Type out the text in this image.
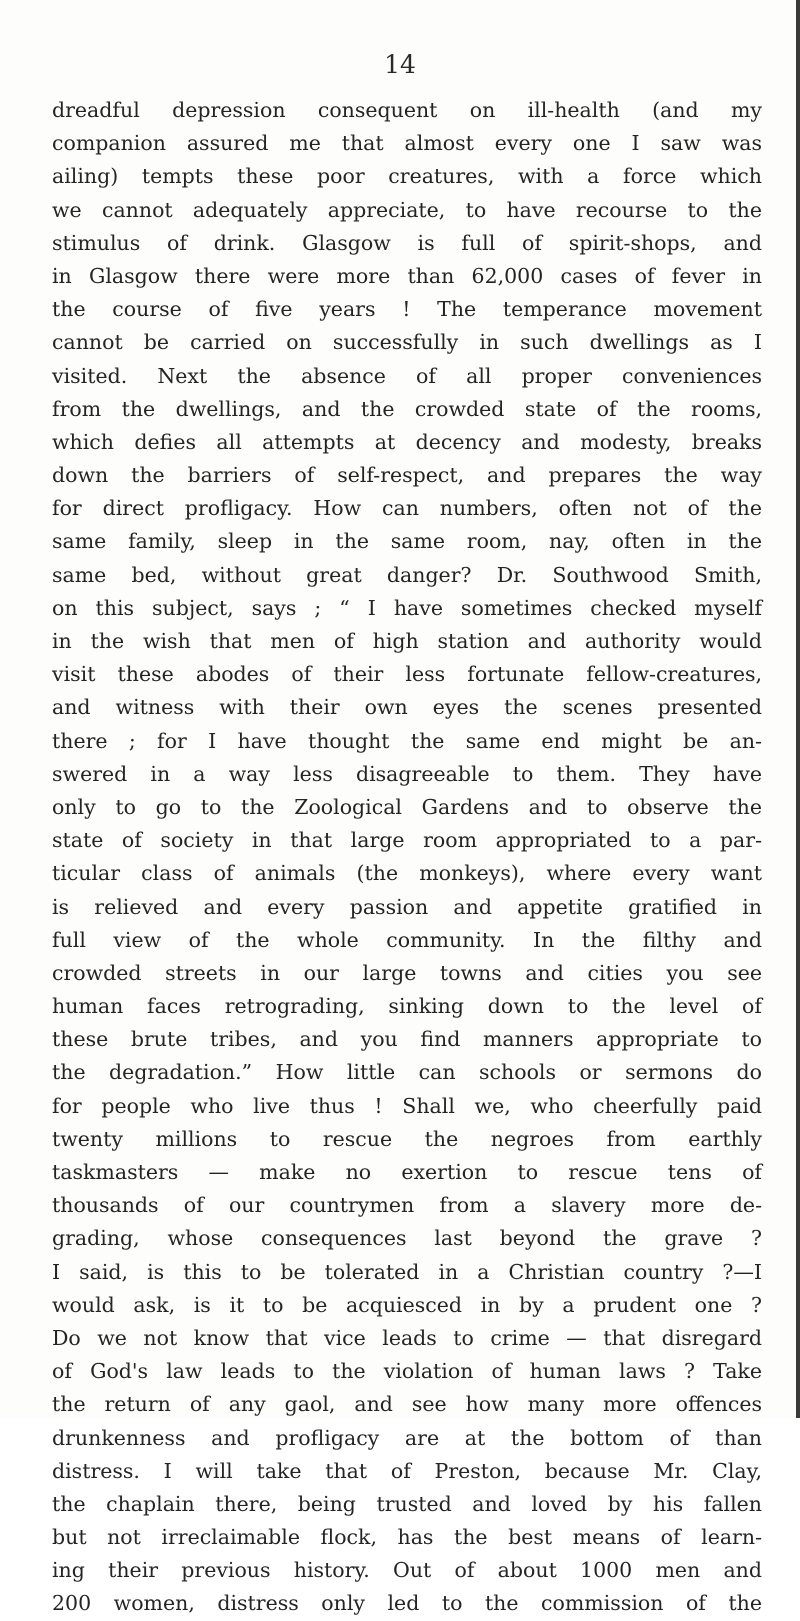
14
dreadful depression consequent on ill-health (and my
companion assured me that almost every one I saw was
ailing) tempts these poor creatures, with a force which
we cannot adequately appreciate, to have recourse to the
stimulus of drink. Glasgow is full of spirit-shops, and
in Glasgow there were more than 62,000 cases of fever in
the course of five years ! The temperance movement
cannot be carried on successfully in such dwellings as I
visited. Next the absence of all proper conveniences
from the dwellings, and the crowded state of the rooms,
which defies all attempts at decency and modesty, breaks
down the barriers of self-respect, and prepares the way
for direct profligacy. How can numbers, often not of the
same family, sleep in the same room, nay, often in the
same bed, without great danger? Dr. Southwood Smith,
on this subject, says ; “ I have sometimes checked myself
in the wish that men of high station and authority would
visit these abodes of their less fortunate fellow-creatures,
and witness with their own eyes the scenes presented
there ; for I have thought the same end might be an-
swered in a way less disagreeable to them. They have
only to go to the Zoological Gardens and to observe the
state of society in that large room appropriated to a par-
ticular class of animals (the monkeys), where every want
is relieved and every passion and appetite gratified in
full view of the whole community. In the filthy and
crowded streets in our large towns and cities you see
human faces retrograding, sinking down to the level of
these brute tribes, and you find manners appropriate to
the degradation.” How little can schools or sermons do
for people who live thus ! Shall we, who cheerfully paid
twenty millions to rescue the negroes from earthly
taskmasters — make no exertion to rescue tens of
thousands of our countrymen from a slavery more de-
grading, whose consequences last beyond the grave ?
I said, is this to be tolerated in a Christian country ?—I
would ask, is it to be acquiesced in by a prudent one ?
Do we not know that vice leads to crime — that disregard
of God's law leads to the violation of human laws ? Take
the return of any gaol, and see how many more offences
drunkenness and profligacy are at the bottom of than
distress. I will take that of Preston, because Mr. Clay,
the chaplain there, being trusted and loved by his fallen
but not irreclaimable flock, has the best means of learn-
ing their previous history. Out of about 1000 men and
200 women, distress only led to the commission of the
